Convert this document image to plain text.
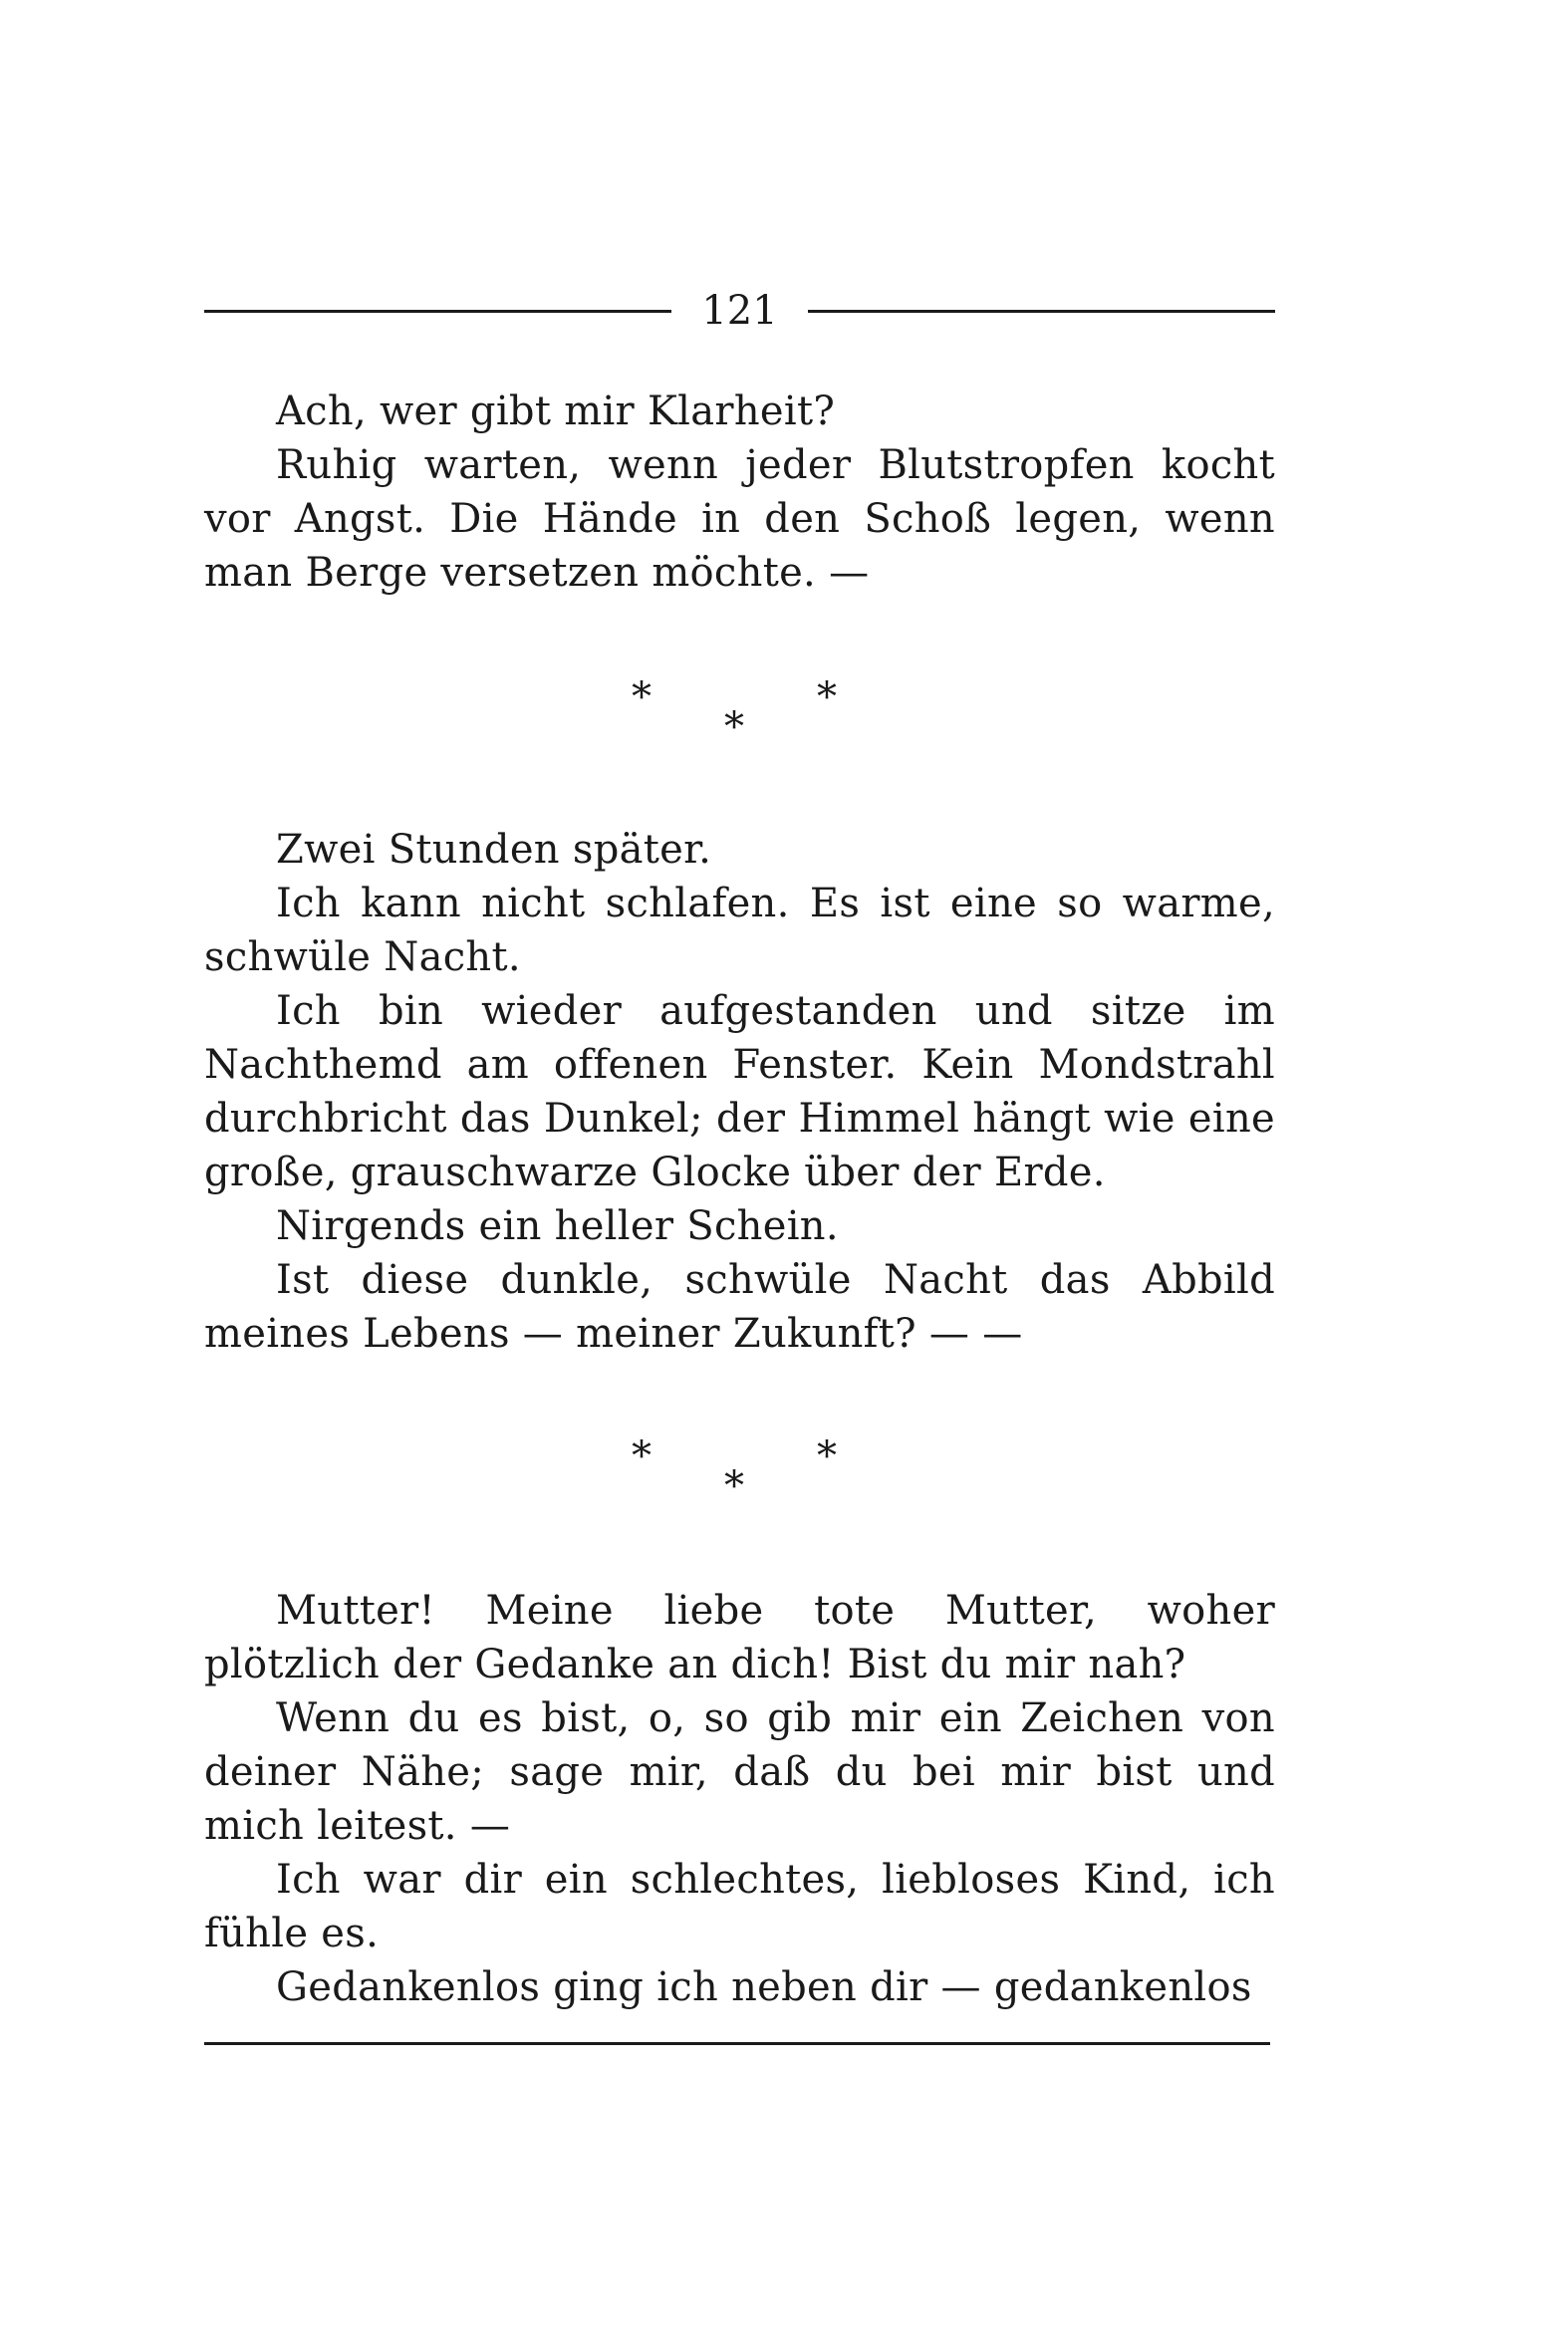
121

Ach, wer gibt mir Klarheit?

Ruhig warten, wenn jeder Blutstropfen kocht vor Angst. Die Hände in den Schoß legen, wenn man Berge versetzen möchte. —

*	*
*

Zwei Stunden später.

Ich kann nicht schlafen. Es ist eine so warme, schwüle Nacht.

Ich bin wieder aufgestanden und sitze im Nachthemd am offenen Fenster. Kein Mondstrahl durchbricht das Dunkel; der Himmel hängt wie eine große, grauschwarze Glocke über der Erde.

Nirgends ein heller Schein.

Ist diese dunkle, schwüle Nacht das Abbild meines Lebens — meiner Zukunft? — —

*	*
*

Mutter! Meine liebe tote Mutter, woher plötzlich der Gedanke an dich! Bist du mir nah?

Wenn du es bist, o, so gib mir ein Zeichen von deiner Nähe; sage mir, daß du bei mir bist und mich leitest. —

Ich war dir ein schlechtes, liebloses Kind, ich fühle es.

Gedankenlos ging ich neben dir — gedankenlos
